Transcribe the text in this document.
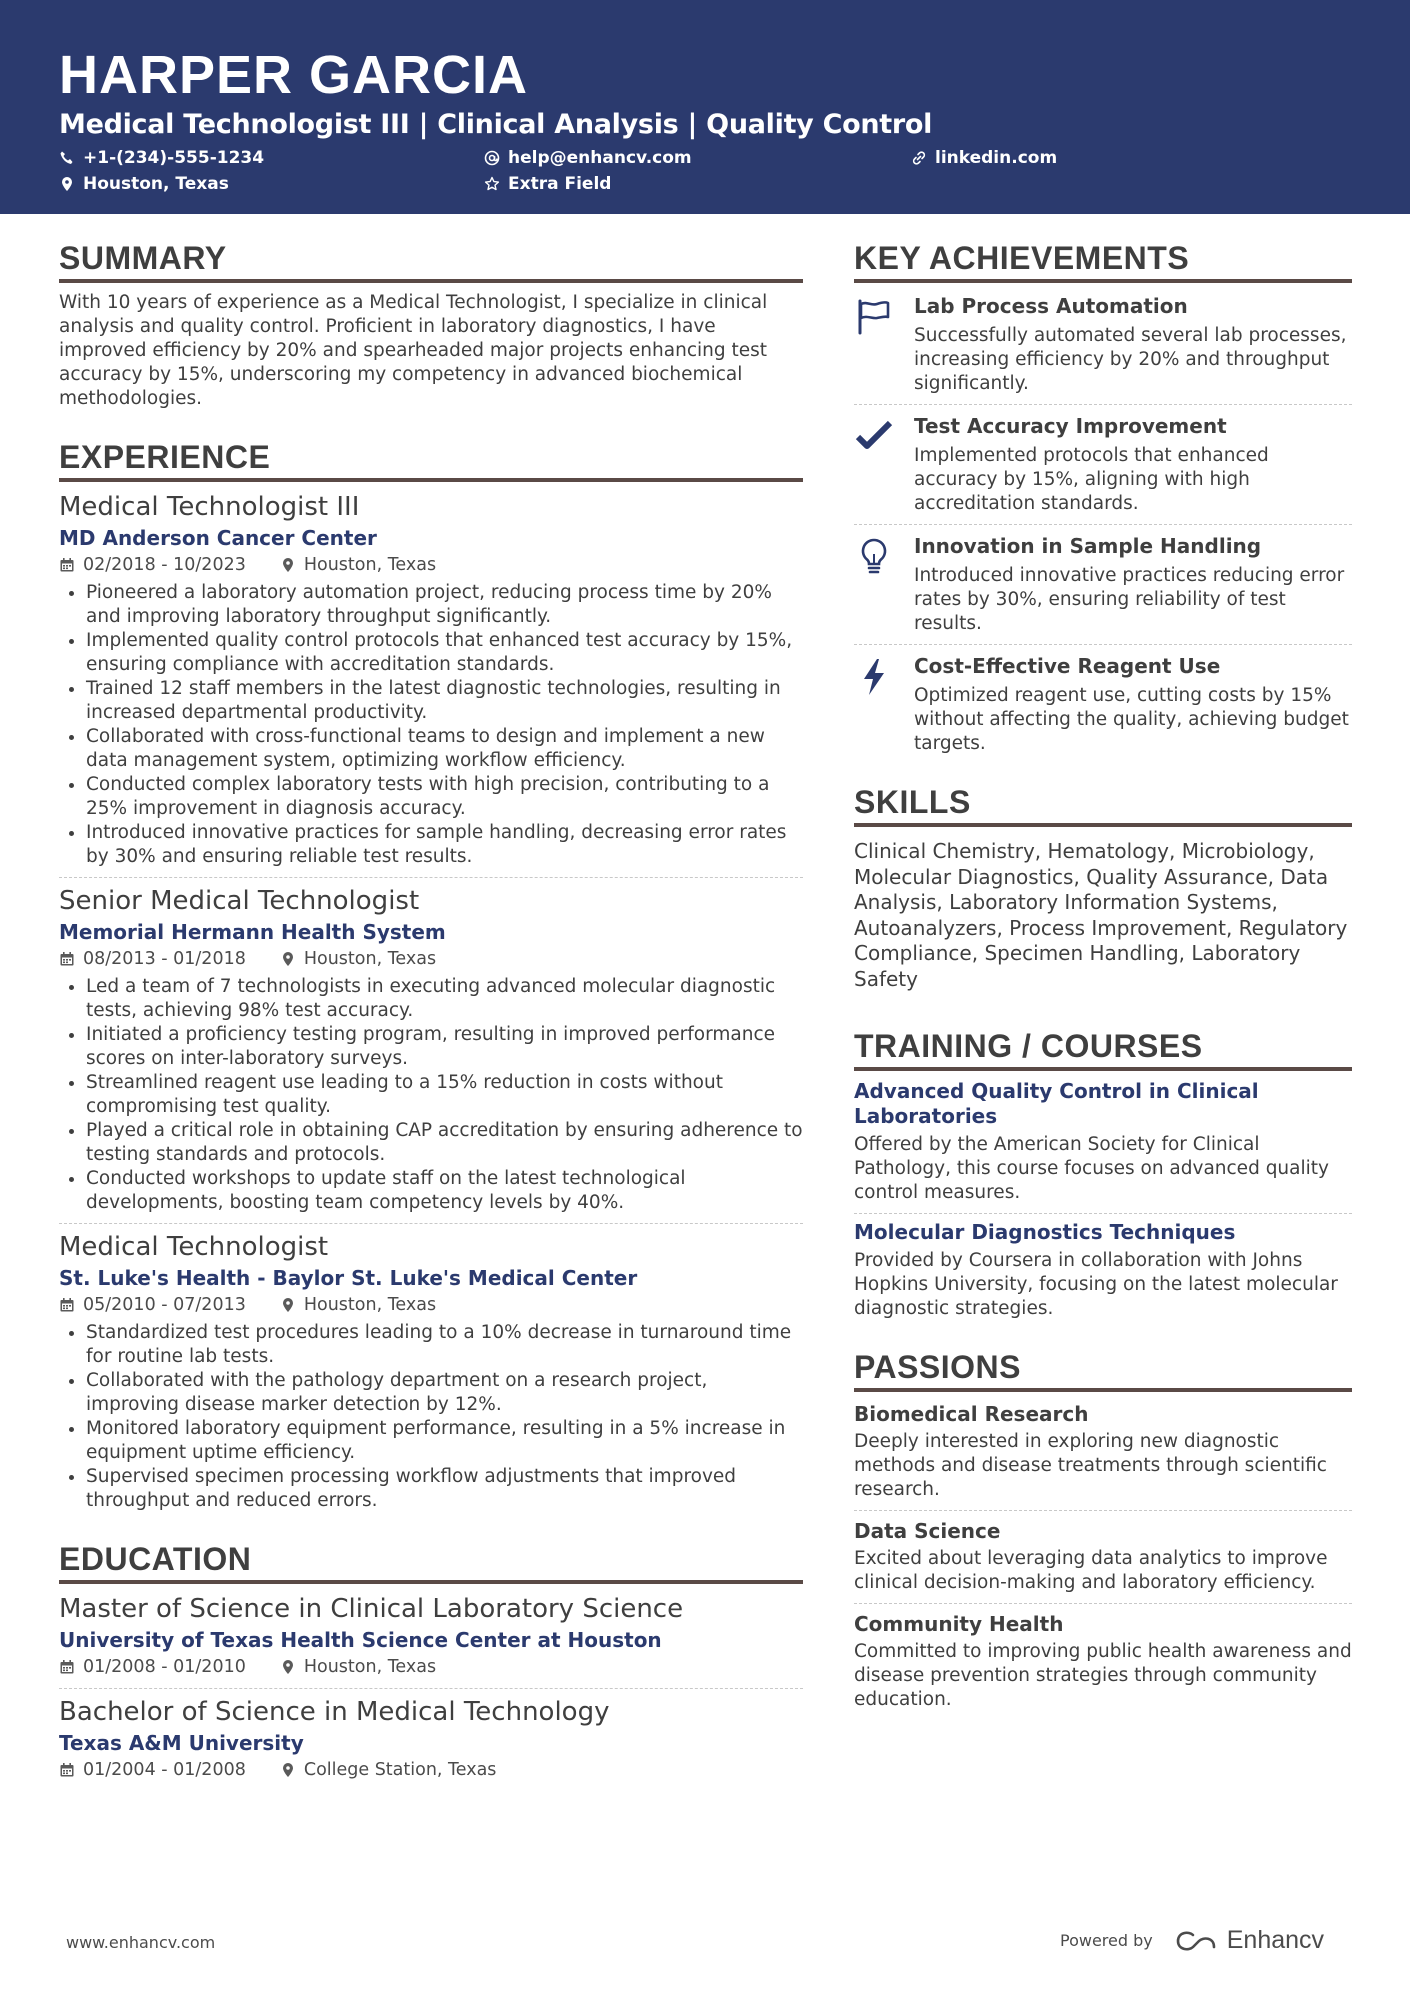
HARPER GARCIA
Medical Technologist III | Clinical Analysis | Quality Control
+1-(234)-555-1234	help@enhancv.com	linkedin.com
Houston, Texas	Extra Field
SUMMARY
With 10 years of experience as a Medical Technologist, I specialize in clinical analysis and quality control. Proficient in laboratory diagnostics, I have improved efficiency by 20% and spearheaded major projects enhancing test accuracy by 15%, underscoring my competency in advanced biochemical methodologies.
EXPERIENCE
Medical Technologist III
MD Anderson Cancer Center
02/2018 - 10/2023	Houston, Texas
• Pioneered a laboratory automation project, reducing process time by 20% and improving laboratory throughput significantly.
• Implemented quality control protocols that enhanced test accuracy by 15%, ensuring compliance with accreditation standards.
• Trained 12 staff members in the latest diagnostic technologies, resulting in increased departmental productivity.
• Collaborated with cross-functional teams to design and implement a new data management system, optimizing workflow efficiency.
• Conducted complex laboratory tests with high precision, contributing to a 25% improvement in diagnosis accuracy.
• Introduced innovative practices for sample handling, decreasing error rates by 30% and ensuring reliable test results.
Senior Medical Technologist
Memorial Hermann Health System
08/2013 - 01/2018	Houston, Texas
• Led a team of 7 technologists in executing advanced molecular diagnostic tests, achieving 98% test accuracy.
• Initiated a proficiency testing program, resulting in improved performance scores on inter-laboratory surveys.
• Streamlined reagent use leading to a 15% reduction in costs without compromising test quality.
• Played a critical role in obtaining CAP accreditation by ensuring adherence to testing standards and protocols.
• Conducted workshops to update staff on the latest technological developments, boosting team competency levels by 40%.
Medical Technologist
St. Luke's Health - Baylor St. Luke's Medical Center
05/2010 - 07/2013	Houston, Texas
• Standardized test procedures leading to a 10% decrease in turnaround time for routine lab tests.
• Collaborated with the pathology department on a research project, improving disease marker detection by 12%.
• Monitored laboratory equipment performance, resulting in a 5% increase in equipment uptime efficiency.
• Supervised specimen processing workflow adjustments that improved throughput and reduced errors.
EDUCATION
Master of Science in Clinical Laboratory Science
University of Texas Health Science Center at Houston
01/2008 - 01/2010	Houston, Texas
Bachelor of Science in Medical Technology
Texas A&M University
01/2004 - 01/2008	College Station, Texas
KEY ACHIEVEMENTS
Lab Process Automation
Successfully automated several lab processes, increasing efficiency by 20% and throughput significantly.
Test Accuracy Improvement
Implemented protocols that enhanced accuracy by 15%, aligning with high accreditation standards.
Innovation in Sample Handling
Introduced innovative practices reducing error rates by 30%, ensuring reliability of test results.
Cost-Effective Reagent Use
Optimized reagent use, cutting costs by 15% without affecting the quality, achieving budget targets.
SKILLS
Clinical Chemistry, Hematology, Microbiology, Molecular Diagnostics, Quality Assurance, Data Analysis, Laboratory Information Systems, Autoanalyzers, Process Improvement, Regulatory Compliance, Specimen Handling, Laboratory Safety
TRAINING / COURSES
Advanced Quality Control in Clinical Laboratories
Offered by the American Society for Clinical Pathology, this course focuses on advanced quality control measures.
Molecular Diagnostics Techniques
Provided by Coursera in collaboration with Johns Hopkins University, focusing on the latest molecular diagnostic strategies.
PASSIONS
Biomedical Research
Deeply interested in exploring new diagnostic methods and disease treatments through scientific research.
Data Science
Excited about leveraging data analytics to improve clinical decision-making and laboratory efficiency.
Community Health
Committed to improving public health awareness and disease prevention strategies through community education.
www.enhancv.com	Powered by	Enhancv
